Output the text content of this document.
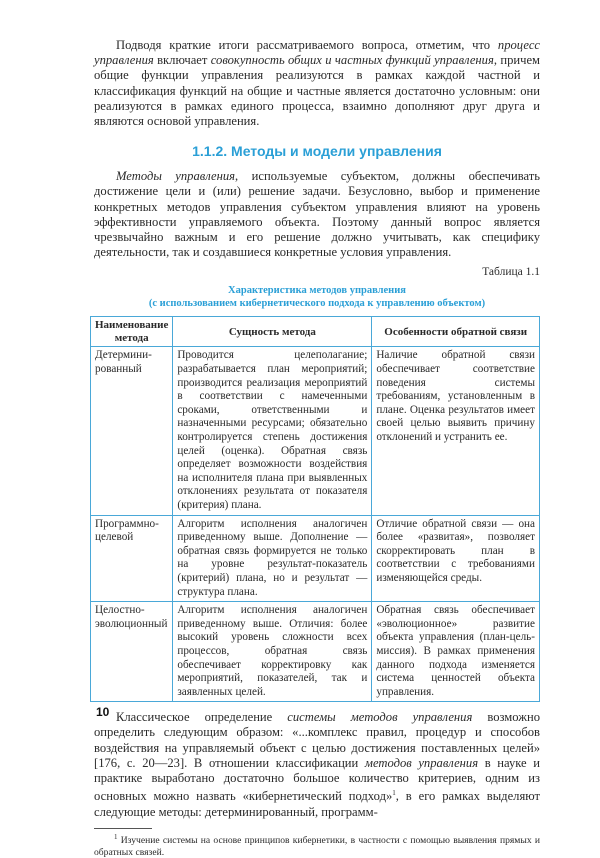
Подводя краткие итоги рассматриваемого вопроса, отметим, что процесс управления включает совокупность общих и частных функций управления, причем общие функции управления реализуются в рамках каждой частной и классификация функций на общие и частные является достаточно условным: они реализуются в рамках единого процесса, взаимно дополняют друг друга и являются основой управления.

1.1.2. Методы и модели управления

Методы управления, используемые субъектом, должны обеспечивать достижение цели и (или) решение задачи. Безусловно, выбор и применение конкретных методов управления субъектом управления влияют на уровень эффективности управляемого объекта. Поэтому данный вопрос является чрезвычайно важным и его решение должно учитывать, как специфику деятельности, так и создавшиеся конкретные условия управления.

Таблица 1.1
Характеристика методов управления
(с использованием кибернетического подхода к управлению объектом)
Наименование метода	Сущность метода	Особенности обратной связи
Детерминированный	Проводится целеполагание; разрабатывается план мероприятий; производится реализация мероприятий в соответствии с намеченными сроками, ответственными и назначенными ресурсами; обязательно контролируется степень достижения целей (оценка). Обратная связь определяет возможности воздействия на исполнителя плана при выявленных отклонениях результата от показателя (критерия) плана.	Наличие обратной связи обеспечивает соответствие поведения системы требованиям, установленным в плане. Оценка результатов имеет своей целью выявить причину отклонений и устранить ее.
Программно-целевой	Алгоритм исполнения аналогичен приведенному выше. Дополнение — обратная связь формируется не только на уровне результат-показатель (критерий) плана, но и результат — структура плана.	Отличие обратной связи — она более «развитая», позволяет скорректировать план в соответствии с требованиями изменяющейся среды.
Целостно-эволюционный	Алгоритм исполнения аналогичен приведенному выше. Отличия: более высокий уровень сложности всех процессов, обратная связь обеспечивает корректировку как мероприятий, показателей, так и заявленных целей.	Обратная связь обеспечивает «эволюционное» развитие объекта управления (план-цель-миссия). В рамках применения данного подхода изменяется система ценностей объекта управления.

Классическое определение системы методов управления возможно определить следующим образом: «...комплекс правил, процедур и способов воздействия на управляемый объект с целью достижения поставленных целей» [176, с. 20—23]. В отношении классификации методов управления в науке и практике выработано достаточно большое количество критериев, одним из основных можно назвать «кибернетический подход»$^1$, в его рамках выделяют следующие методы: детерминированный, программ-

$^1$ Изучение системы на основе принципов кибернетики, в частности с помощью выявления прямых и обратных связей.
10
